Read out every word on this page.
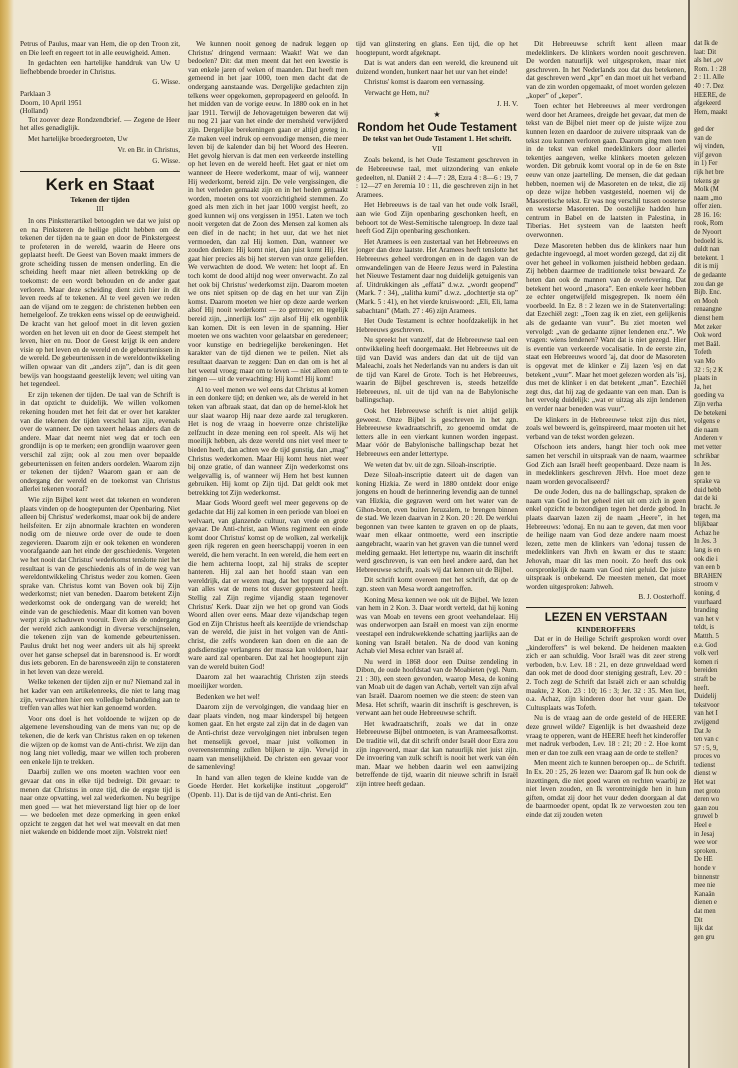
Petrus of Paulus, maar van Hem, die op den Troon zit, en Die leeft en regeert tot in alle eeuwigheid. Amen.

In gedachten een hartelijke handdruk van Uw U liefhebbende broeder in Christus.

G. Wisse.
Parklaan 3
Doorn, 10 April 1951
(Holland)

Tot zoover deze Rondzendbrief. — Zegene de Heer het alles genadiglijk.

Met hartelijke broedergroeten, Uw

Vr. en Br. in Christus,
G. Wisse.
Kerk en Staat
Tekenen der tijden
III

In ons Pinkstterartikel betoogden we dat we juist op en na Pinksteren de heilige plicht hebben om de tekenen der tijden na te gaan en door de Pinkstergeest te profeteren in de wereld, waarin de Heere ons geplaatst heeft. De Geest van Boven maakt immers de grote scheiding tussen de mensen onderling. En die scheiding heeft maar niet alleen betrekking op de toekomst: de een wordt behouden en de ander gaat verloren. Maar deze scheiding dient zich hier in dit leven reeds af te tekenen. Al te veel geven we reden aan de vijand om te zeggen: de christenen hebben een hemelgeloof. Ze trekken eens wissel op de eeuwigheid. De kracht van het geloof moet in dit leven gezien worden en het leven uit en door de Geest stempelt het leven, hier en nu. Door de Geest krijgt ik een andere visie op het leven en de wereld en de gebeurtenissen in de wereld. De gebeurtenissen in de wereldontwikkeling willen opwaar van dit „anders zijn”, dan is dit geen bewijs van hoogstaand geestelijk leven; wel uiting van het tegendeel.

Er zijn tekenen der tijden. De taal van de Schrift is in dat opzicht te duidelijk. We willen volkomen rekening houden met het feit dat er over het karakter van die tekenen der tijden verschil kan zijn, evenals over de wanneer. De een taxeert helaas anders dan de andere. Maar dat neemt niet weg dat er toch een grondlijn is op te merken; een grondlijn waarover geen verschil zal zijn; ook al zou men over bepaalde gebeurtenissen en feiten anders oordelen. Waarom zijn er tekenen der tijden? Waarom gaan er aan de ondergang der wereld en de toekomst van Christus allerlei tekenen vooraf?

Wie zijn Bijbel kent weet dat tekenen en wonderen plaats vinden op de hoogtepunten der Openbaring. Niet alleen bij Christus' wederkomst, maar ook bij de andere heilsfeiten. Er zijn abnormale krachten en wonderen nodig om de nieuwe orde over de oude te doen zegevieren. Daarom zijn er ook tekenen en wonderen voorafgaande aan het einde der geschiedenis. Vergeten we het nooit dat Christus' wederkomst tenslotte niet het resultaat is van de geschiedenis als of in de weg van wereldontwikkeling Christus weder zou komen. Geen sprake van. Christus komt van Boven ook bij Zijn wederkomst; niet van beneden. Daarom betekent Zijn wederkomst ook de ondergang van de wereld; het einde van de geschiedenis. Maar dit komen van boven werpt zijn schaduwen vooruit. Even als de ondergang der wereld zich aankondigt in diverse verschijnselen, die tekenen zijn van de komende gebeurtenissen. Paulus drukt het nog weer anders uit als hij spreekt over het ganse schepsel dat in barensnood is. Er wordt dus iets geboren. En de barensweeën zijn te constateren in het leven van deze wereld.

Welke tekenen der tijden zijn er nu? Niemand zal in het kader van een artikelenreeks, die niet te lang mag zijn, verwachten hier een volledige behandeling aan te treffen van alles wat hier kan genoemd worden.

Voor ons doel is het voldoende te wijzen op de algemene levenshouding van de mens van nu; op de tekenen, die de kerk van Christus raken en op tekenen die wijzen op de komst van de Anti-christ. We zijn dan nog lang niet volledig, maar we willen toch proberen een enkele lijn te trekken.

Daarbij zullen we ons moeten wachten voor een gevaar dat ons in elke tijd bedreigt. Dit gevaar: te menen dat Christus in onze tijd, die de ergste tijd is naar onze opvatting, wel zal wederkomen. Nu begrijpe men goed — wat het mieverstand ligt hier op de loer — we bedoelen met deze opmerking in geen enkel opzicht te zeggen dat het wel wat meevalt en dat men niet wakende en biddende moet zijn. Volstrekt niet!

We kunnen nooit genoeg de nadruk leggen op Christus' dringend vermaan: Waakt! Wat we dan bedoelen? Dit: dat men meent dat het een kwestie is van enkele jaren of weken of maanden. Dat heeft men gemeend in het jaar 1000, toen men dacht dat de ondergang aanstaande was. Dergelijke gedachten zijn telkens weer opgekomen, gepropageerd en geloofd. In het midden van de vorige eeuw. In 1880 ook en in het jaar 1911. Terwijl de Jehovagetuigen beweren dat wij nu nog 21 jaar van het einde der mensheid verwijderd zijn. Dergelijke berekeningen gaan er altijd greteg in. Ze maken veel indruk op eenvoudige mensen, die meer leven bij de kalender dan bij het Woord des Heeren. Het gevolg hiervan is dat men een verkeerde instelling op het leven en de wereld heeft. Het gaat er niet om wanneer de Heere wederkomt, maar of wij, wanneer Hij wederkomt, bereid zijn. De vele vergissingen, die in het verleden gemaakt zijn en in het heden gemaakt worden, moeten ons tot voorzichtigheid stemmen. Zo goed als men zich in het jaar 1000 vergist heeft, zo goed kunnen wij ons vergissen in 1951. Laten we toch nooit vergeten dat de Zoon des Mensen zal komen als een dief in de nacht; in het uur, dat we het niet vermoeden, dan zal Hij komen. Dan, wanneer we zouden denken: Hij komt niet, dan juist komt Hij. Het gaat hier precies als bij het sterven van onze geliefden. We verwachten de dood. We weten: het loopt af. En toch komt de dood altijd nog weer onverwacht. Zo zal het ook bij Christus' wederkomst zijn. Daarom moeten we ons niet spitsen op de dag en het uur van Zijn komst. Daarom moeten we hier op deze aarde werken alsof Hij nooit wederkomt — zo getrouw; en tegelijk bereid zijn, „innerlijk los” zijn alsof Hij elk ogenblik kan komen. Dit is een leven in de spanning. Hier moeten we ons wachten voor gelaatsbar en geredeneer; voor kunstige en bedriegelijke berekeningen. Het karakter van de tijd dienen we te peilen. Niet als resultaat daarvan te zeggen: Dan en dan om is het al het weeral vroeg; maar om te leven — niet alleen om te zingen — uit de verwachting: Hij komt! Hij komt!

Al to veel menen we wel eens dat Christus al komen in een donkere tijd; en denken we, als de wereld in het teken van afbraak staat, dat dan op de hemel-klok het uur slaat waarop Hij naar deze aarde zal terugkeren. Het is nog de vraag in hoeverre onze christelijke zelfzucht in deze mening een rol speelt. Als wij het moeilijk hebben, als deze wereld ons niet veel meer te bieden heeft, dan achten we de tijd gunstig, dan „mag” Christus wederkomen. Maar Hij komt heus niet weer bij onze gratie, of dan wanneer Zijn wederkomst ons welgevallig is, of wanneer wij Hem het best kunnen gebruiken. Hij komt op Zijn tijd. Dat geldt ook met betrekking tot Zijn wederkomst.

Maar Gods Woord geeft wel meer gegevens op de gedachte dat Hij zal komen in een periode van bloei en welvaart, van glanzende cultuur, van vrede en grote gevaar. De Anti-christ, aan Wiens regiment een einde komt door Christus' komst op de wolken, zal werkelijk geen rijk regeren en geen heerschappij voeren in een wereld, die hem veracht. In een wereld, die hem eert en die hem achterna loopt, zal hij straks de scepter hanteren. Hij zal aan het hoofd staan van een wereldrijk, dat er wezen mag, dat het toppunt zal zijn van alles wat de mens tot dusver gepresteerd heeft. Stellig zal Zijn regime vijandig staan tegenover Christus' Kerk. Daar zijn we het op grond van Gods Woord allen over eens. Maar deze vijandschap tegen God en Zijn Christus heeft als keerzijde de vriendschap van de wereld, die juist in het volgen van de Anti-christ, die zelfs wonderen kan doen en die aan de godsdienstige verlangens der massa kan voldoen, haar ware aard zal openbaren. Dat zal het hoogtepunt zijn van de wereld buiten God!

Daarom zal het waarachtig Christen zijn steeds moeilijker worden.

Bedenken we het wel!

Daarom zijn de vervolgingen, die vandaag hier en daar plaats vinden, nog maar kinderspel bij hetgeen komen gaat. En het ergste zal zijn dat in de dagen van de Anti-christ deze vervolgingen niet inbrulsen tegen het menselijk gevoel, maar juist volkomen in overeenstemming zullen blijken te zijn. Verwijd in naam van menselijkheid. De christen een gevaar voor de samenleving!

In hand van allen tegen de kleine kudde van de Goede Herder. Het korkelijke instituut „opgerold” (Openb. 11). Dat is de tijd van de Anti-christ. Een

tijd van glinstering en glans. Een tijd, die op het hoogtepunt, wordt afgeknapt.

Dat is wat anders dan een wereld, die kreunend uit duizend wonden, hunkert naar het uur van het einde!

Christus' komst is daarom een vernassing.

Verwacht ge Hem, nu?

J. H. V.
★
Rondom het Oude Testament
De tekst van het Oude Testament 1. Het schrift.
VII

Zoals bekend, is het Oude Testament geschreven in de Hebreeuwse taal, met uitzondering van enkele gedeelten, nl. Daniël 2 : 4—7 : 28, Ezra 4 : 8—6 : 19, 7 : 12—27 en Jeremia 10 : 11, die geschreven zijn in het Aramees.

Het Hebreeuws is de taal van het oude volk Israël, aan wie God Zijn openbaring geschonken heeft, en behoort tot de West-Semitische talengroep. In deze taal heeft God Zijn openbaring geschonken.

Het Aramees is een zustertaal van het Hebreeuws en jonger dan deze laatste. Het Aramees heeft tenslotte het Hebreeuws geheel verdrongen en in de dagen van de omwandelingen van de Heere Jezus werd in Palestina het Nieuwe Testament daar nog duidelijk getuigenis van af. Uitdrukkingen als „effatá” d.w.z. „wordt geopend” (Mark. 7 : 34), „talitha kumi” d.w.z. „dochtertje sta op” (Mark. 5 : 41), en het vierde kruiswoord: „Eli, Eli, lama sabachtani” (Math. 27 : 46) zijn Aramees.

Het Oude Testament is echter hoofdzakelijk in het Hebreeuws geschreven.

Nu spreekt het vanzelf, dat de Hebreeuwse taal een ontwikkeling heeft doorgemaakt. Het Hebreeuws uit de tijd van David was anders dan dat uit de tijd van Maleachi, zoals het Nederlands van nu anders is dan uit de tijd van Karel de Grote. Toch is het Hebreeuws, waarin de Bijbel geschreven is, steeds hetzelfde Hebreeuws, nl. uit de tijd van na de Babylonische ballingschap.

Ook het Hebreeuwse schrift is niet altijd gelijk geweest. Onze Bijbel is geschreven in het zgn. Hebreeuwse kwadraatschrift, zo genoemd omdat de letters alle in een vierkant kunnen worden ingepast. Maar vóór de Babylonische ballingschap bezat het Hebreeuws een ander lettertype.

We weten dat bv. uit de zgn. Siloah-inscriptie.

Deze Siloah-inscriptie dateert uit de dagen van koning Hizkia. Ze werd in 1880 ontdekt door enige jongens en houdt de herinnering levendig aan de tunnel van Hizkia, die gegraven werd om het water van de Gihon-bron, even buiten Jeruzalem, te brengen binnen de stad. We lezen daarvan in 2 Kon. 20 : 20. De werklui begonnen van twee kanten te graven en op de plaats, waar men elkaar ontmoette, werd een inscriptie aangebracht, waarin van het graven van die tunnel werd melding gemaakt. Het lettertype nu, waarin dit inschrift werd geschreven, is van een heel andere aard, dan het Hebreeuwse schrift, zoals wij dat kennen uit de Bijbel.

Dit schrift komt overeen met het schrift, dat op de zgn. steen van Mesa wordt aangetroffen.

Koning Mesa kennen we ook uit de Bijbel. We lezen van hem in 2 Kon. 3. Daar wordt verteld, dat hij koning was van Moab en tevens een groot veehandelaar. Hij was onderworpen aan Israël en moest van zijn enorme veestapel een indrukwekkende schatting jaarlijks aan de koning van Israël betalen. Na de dood van koning Achab viel Mesa echter van Israël af.

Nu werd in 1868 door een Duitse zendeling in Dibon, de oude hoofdstad van de Moabieten (vgl. Num. 21 : 30), een steen gevonden, waarop Mesa, de koning van Moab uit de dagen van Achab, vertelt van zijn afval van Israël. Daarom noemen we die steen: de steen van Mesa. Het schrift, waarin dit inschrift is geschreven, is verwant aan het oude Hebreeuwse schrift.

Het kwadraatschrift, zoals we dat in onze Hebreeuwse Bijbel ontmoeten, is van Arameesafkomst. De traditie wil, dat dit schrift onder Israël door Ezra zou zijn ingevoerd, maar dat kan natuurlijk niet juist zijn. De invoering van zulk schrift is nooit het werk van één man. Maar we hebben daarin wel een aanwijzing betreffende de tijd, waarin dit nieuwe schrift in Israël zijn intree heeft gedaan.

Dit Hebreeuwse schrift kent alleen maar medeklinkers. De klinkers worden nooit geschreven. De worden natuurlijk wel uitgesproken, maar niet geschreven. In het Nederlands zou dat dus betekenen, dat geschreven werd „kpr” en dan moet uit het verband van de zin worden opgemaakt, of moet worden gelezen „koper” of „keper”.

Toen echter het Hebreeuws al meer verdrongen werd door het Aramees, dreigde het gevaar, dat men de tekst van de Bijbel niet meer op de juiste wijze zou kunnen lezen en daardoor de zuivere uitspraak van de tekst zou kunnen verloren gaan. Daarom ging men toen in de tekst van enkel medeklinkers door allerlei tekentjes aangeven, welke klinkers moeten gelezen worden. Dit gebruik komt vooral op in de 6e en 8ste eeuw van onze jaartelling. De mensen, die dat gedaan hebben, noemen wij de Masoreten en de tekst, die zij op deze wijze hebben vastgesteld, noemen wij de Masoretische tekst. Er was nog verschil tussen oosterse en westerse Masoreten. De oostelijke hadden hun centrum in Babel en de laatsten in Palestina, in Tiberias. Het systeem van de laatsten heeft overwonnen.

Deze Masoreten hebben dus de klinkers naar hun gedachte ingevoegd, al moet worden gezegd, dat zij dit over het geheel in volkomen juistheid hebben gedaan. Zij hebben daarmee de traditionele tekst bewaard. Ze heten dan ook de mannen van de overlevering. Dat betekent het woord „masora”. Een enkele keer hebben ze echter ongetwijfeld misgegrepen. Ik noem één voorbeeld. In Ez. 8 : 2 lezen we in de Statenvertaling: dat Ezechiël zegt: „Toen zag ik en ziet, een gelijkenis als de gedaante van vuur”. Bu ziet moeten wel vervolgd: „van de gedaante zijner lendenen enz.”. We vragen: wiens lendenen? Want dat is niet gezegd. Hier is eventie van verkeerde vocalisatie. In de eerste zin, staat een Hebreeuws woord 'aj, dat door de Masoreten is opgevat met de klinker e Zij lazen 'esj en dat betekent „vuur”. Maar het moet gelezen worden als 'isj, dus met de klinker i en dat betekent „man”. Ezechiël zegt dus, dat hij zag de gedaante van een man. Dan is het vervolg duidelijk: „wat er uitzag als zijn lendenen en verder naar beneden was vuur”.

De klinkers in de Hebreeuwse tekst zijn dus niet, zoals wel beweerd is, geïnspireerd, maar moeten uit het verband van de tekst worden gelezen.

Ofschoon iets anders, hangt hier toch ook mee samen het verschil in uitspraak van de naam, waarmee God Zich aan Israël heeft geopenbaard. Deze naam is in medeklinkers geschreven JHvh. Hoe moet deze naam worden gevocaliseerd?

De oude Joden, dus na de ballingschap, spraken de naam van God in het geheel niet uit om zich in geen enkel opzicht te bezondigen tegen het derde gebod. In plaats daarvan lazen zij de naam „Heere”, in het Hebreeuws: 'edonaj. En nu aan te geven, dat men voor de heilige naam van God deze andere naam moest lezen, zette men de klinkers van 'edonaj tussen de medeklinkers van Jhvh en kwam er dus te staan: Jehovah, maar dit las men nooit. Zo heeft dus ook oorspronkelijk de naam van God niet geluid. De juiste uitspraak is onbekend. De meesten menen, dat moet worden uitgesproken: Jahweh.

B. J. Oosterhoff.
LEZEN EN VERSTAAN
KINDEROFFERS

Dat er in de Heilige Schrift gesproken wordt over „kinderoffers” is wel bekend. De heidenen maakten zich er aan schuldig. Voor Israël was dit zeer streng verboden, b.v. Lev. 18 : 21, en deze gruweldaad werd dan ook met de dood door steniging gestraft, Lev. 20 : 2. Toch zegt de Schrift dat Israël zich er aan schuldig maakte, 2 Kon. 23 : 10; 16 : 3; Jer. 32 : 35. Men liet, o.a. Achaz, zijn kinderen door het vuur gaan. De Cultusplaats was Tofeth.

Nu is de vraag aan de orde gesteld of de HEERE deze gruwel wilde? Eigenlijk is het dwaasheid deze vraag te opperen, want de HEERE heeft het kinderoffer met nadruk verboden, Lev. 18 : 21; 20 : 2. Hoe komt men er dan toe zulk een vraag aan de orde te stellen?

Men meent zich te kunnen beroepen op... de Schrift. In Ex. 20 : 25, 26 lezen we: Daarom gaf Ik hun ook de inzettingen, die niet goed waren en rechten waarbij ze niet leven zouden, en Ik verontreinigde hen in hun giften, omdat zij door het vuur deden doorgaan al dat de baarmoeder opent, opdat Ik ze verwoesten zou ten einde dat zij zouden weten

dat Ik de

laat: Dit

als het „ov

Rom. 1 : 28

2 : 11. Alle

40 : 7. Dez

HEERE, de

afgekeerd

Hem, maakt

ged der

van de

wij vinden,

vijf gevon

in 1) Fer

rijk het bre

tekens ge

Molk (M

naam „mo

offer zien.

28 16. 16:

rook, Rom

de Nyoort

bedoeld is.

duldt nan

betekent. 1

dit is mij

de gedaante

zou dan ge

Bijb. Enc.

en Mooh

renaangne

dienst hem

Met zeker

Ook word

met Baäl.

Tofeth

van Mo

32 : 5; 2 K

plaats in

Ja, het

goeding va

Zijn verha

De betekeni

volgens e

die naam

Anderen v

met vetter

schrikbar

In Jes.

gen te

sprake va

duid bebb

dat de ki

bracht. Je

tegen, ma

blijkbaar

Achaz he

In Jes. 3

lang is en

ook die i

van een b

BRAHEN

stroom v

koning, d

vuurhaard

branding

van het v

teldt, is

Mattth. 5

e.a. God

volk verl

komen ri

bereiden

straft be

heeft.

Duidelij

tekstvoor

van het I

zwijgend

Dat Je

ten van c

57 : 5, 9,

proces vo

tedienst

dienst w

Het wat

met groto

deren wo

gaan zou

gruwel b

Heel e

in Jesaj

wee wor

sproken.

De HE

honde v

binnenstr

mee nie

Kanaän

dienen e

dat men

Dit

lijk dat

gen gru
